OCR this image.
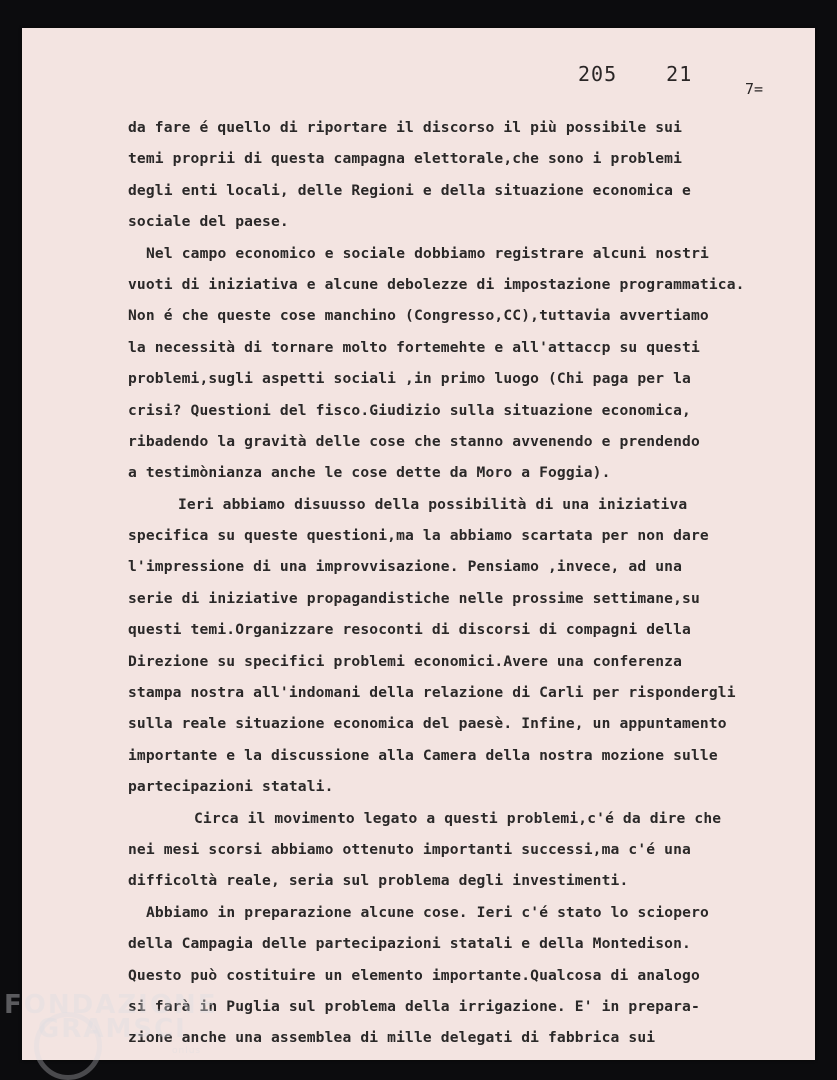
205 21
7=
da fare é quello di riportare il discorso il più possibile sui
temi proprii di questa campagna elettorale,che sono i problemi
degli enti locali, delle Regioni e della situazione economica e
sociale del paese.
Nel campo economico e sociale dobbiamo registrare alcuni nostri
vuoti di iniziativa e alcune debolezze di impostazione programmatica.
Non é che queste cose manchino (Congresso,CC),tuttavia avvertiamo
la necessità di tornare molto fortemehte e all'attaccp su questi
problemi,sugli aspetti sociali ,in primo luogo (Chi paga per la
crisi? Questioni del fisco.Giudizio sulla situazione economica,
ribadendo la gravità delle cose che stanno avvenendo e prendendo
a testimònianza anche le cose dette da Moro a Foggia).
Ieri abbiamo disuusso della possibilità di una iniziativa
specifica su queste questioni,ma la abbiamo scartata per non dare
l'impressione di una improvvisazione. Pensiamo ,invece, ad una
serie di iniziative propagandistiche nelle prossime settimane,su
questi temi.Organizzare resoconti di discorsi di compagni della
Direzione su specifici problemi economici.Avere una conferenza
stampa nostra all'indomani della relazione di Carli per rispondergli
sulla reale situazione economica del paesè. Infine, un appuntamento
importante e la discussione alla Camera della nostra mozione sulle
partecipazioni statali.
Circa il movimento legato a questi problemi,c'é da dire che
nei mesi scorsi abbiamo ottenuto importanti successi,ma c'é una
difficoltà reale, seria sul problema degli investimenti.
Abbiamo in preparazione alcune cose. Ieri c'é stato lo sciopero
della Campagia delle partecipazioni statali e della Montedison.
Questo può costituire un elemento importante.Qualcosa di analogo
si farà in Puglia sul problema della irrigazione. E' in prepara-
zione anche una assemblea di mille delegati di fabbrica sui
FONDAZIONE
GRAMSCI
onlus
